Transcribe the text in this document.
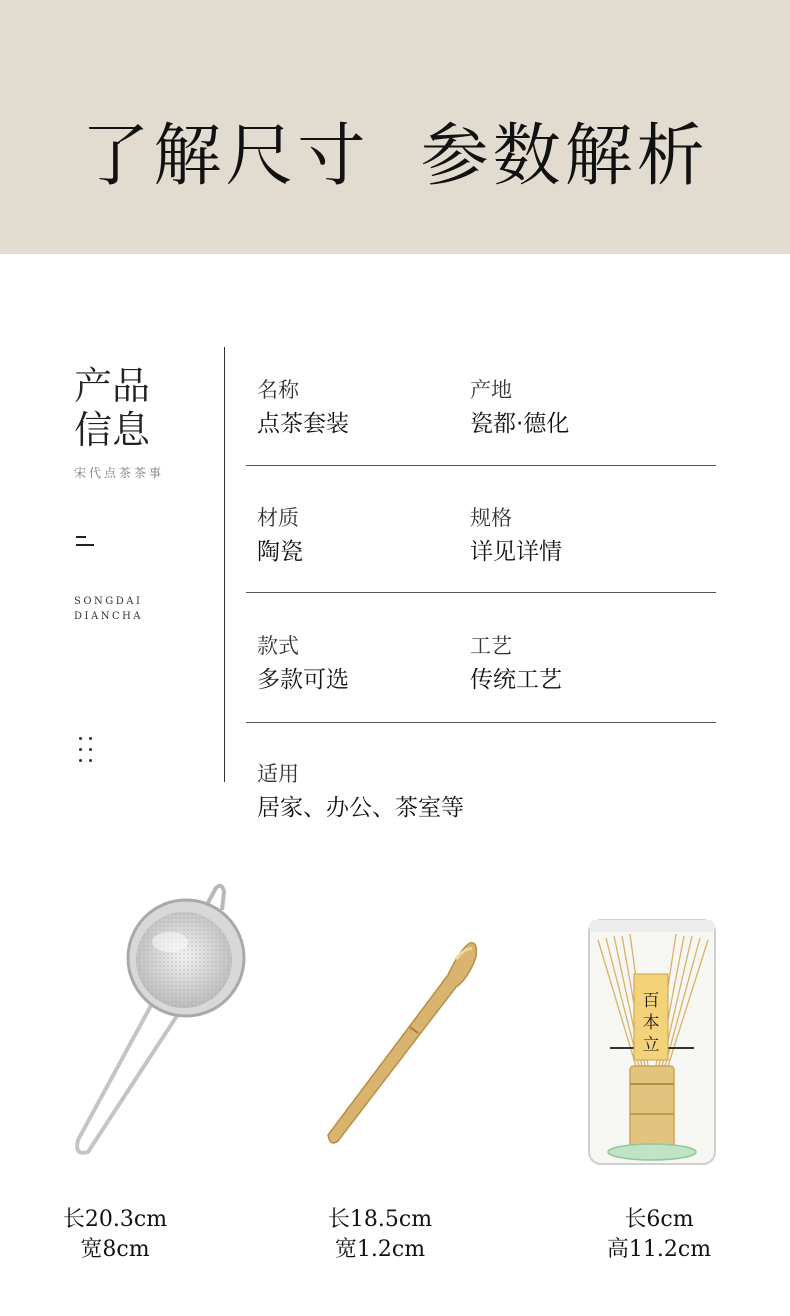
了解尺寸  参数解析
产品
信息
宋代点茶茶事
SONGDAI
DIANCHA
名称
点茶套装
产地
瓷都·德化
材质
陶瓷
规格
详见详情
款式
多款可选
工艺
传统工艺
适用
居家、办公、茶室等
百
本
立
长20.3cm
宽8cm
长18.5cm
宽1.2cm
长6cm
高11.2cm
